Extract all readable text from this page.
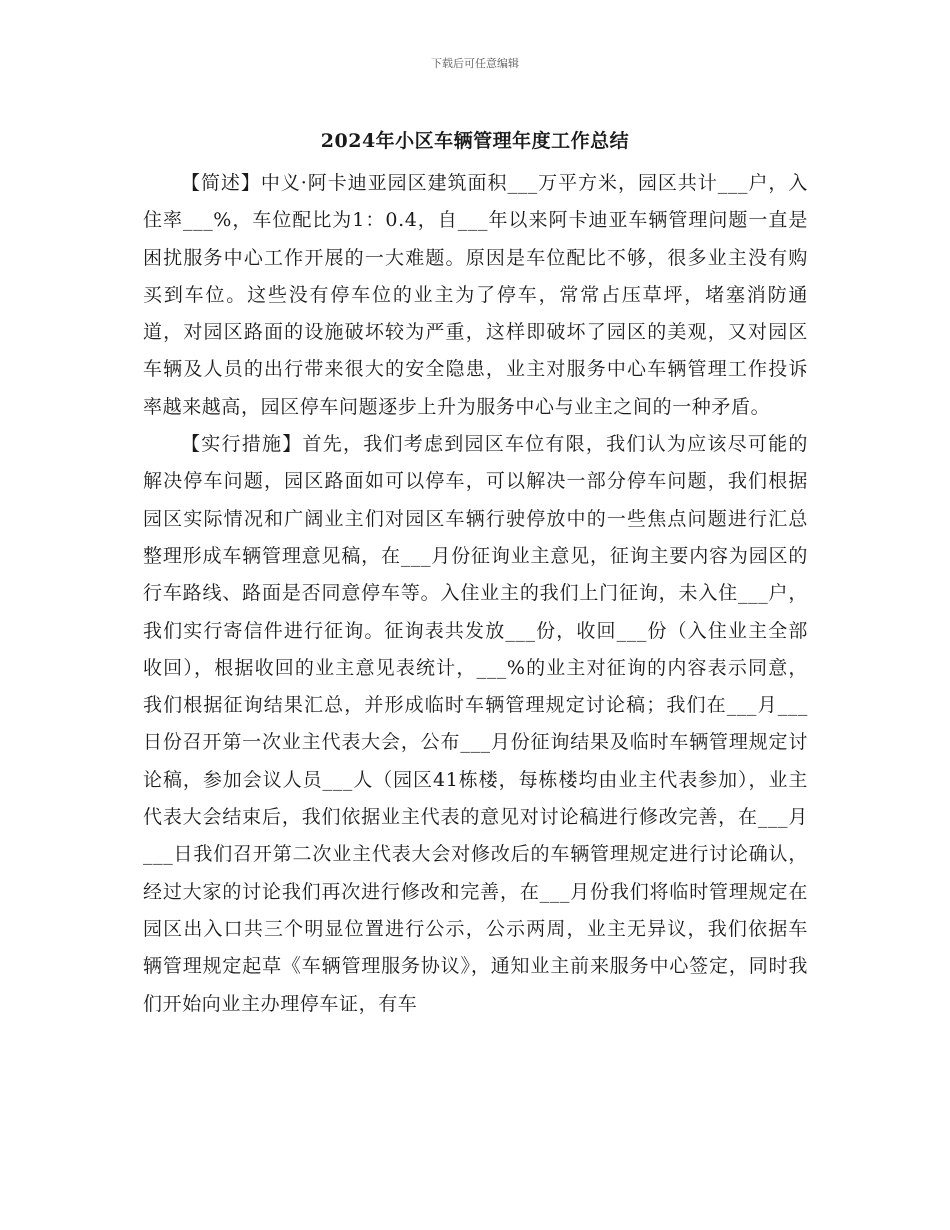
下载后可任意编辑
2024年小区车辆管理年度工作总结

【简述】中义·阿卡迪亚园区建筑面积___万平方米，园区共计___户，入住率___%，车位配比为1：0.4，自___年以来阿卡迪亚车辆管理问题一直是困扰服务中心工作开展的一大难题。原因是车位配比不够，很多业主没有购买到车位。这些没有停车位的业主为了停车，常常占压草坪，堵塞消防通道，对园区路面的设施破坏较为严重，这样即破坏了园区的美观，又对园区车辆及人员的出行带来很大的安全隐患，业主对服务中心车辆管理工作投诉率越来越高，园区停车问题逐步上升为服务中心与业主之间的一种矛盾。

【实行措施】首先，我们考虑到园区车位有限，我们认为应该尽可能的解决停车问题，园区路面如可以停车，可以解决一部分停车问题，我们根据园区实际情况和广阔业主们对园区车辆行驶停放中的一些焦点问题进行汇总整理形成车辆管理意见稿，在___月份征询业主意见，征询主要内容为园区的行车路线、路面是否同意停车等。入住业主的我们上门征询，未入住___户，我们实行寄信件进行征询。征询表共发放___份，收回___份（入住业主全部收回），根据收回的业主意见表统计，___%的业主对征询的内容表示同意，我们根据征询结果汇总，并形成临时车辆管理规定讨论稿；我们在___月___日份召开第一次业主代表大会，公布___月份征询结果及临时车辆管理规定讨论稿，参加会议人员___人（园区41栋楼，每栋楼均由业主代表参加），业主代表大会结束后，我们依据业主代表的意见对讨论稿进行修改完善，在___月___日我们召开第二次业主代表大会对修改后的车辆管理规定进行讨论确认，经过大家的讨论我们再次进行修改和完善，在___月份我们将临时管理规定在园区出入口共三个明显位置进行公示，公示两周，业主无异议，我们依据车辆管理规定起草《车辆管理服务协议》，通知业主前来服务中心签定，同时我们开始向业主办理停车证，有车
